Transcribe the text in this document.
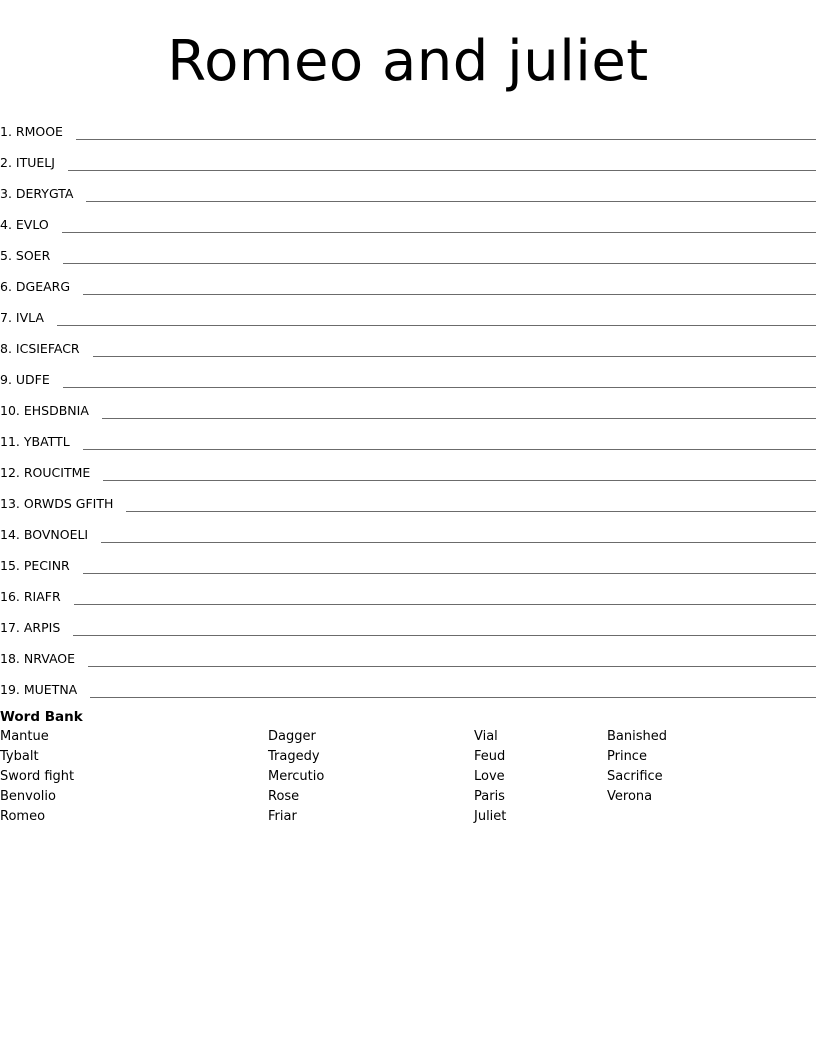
Romeo and juliet
1. RMOOE
2. ITUELJ
3. DERYGTA
4. EVLO
5. SOER
6. DGEARG
7. IVLA
8. ICSIEFACR
9. UDFE
10. EHSDBNIA
11. YBATTL
12. ROUCITME
13. ORWDS GFITH
14. BOVNOELI
15. PECINR
16. RIAFR
17. ARPIS
18. NRVAOE
19. MUETNA
Word Bank
Mantue
Tybalt
Sword fight
Benvolio
Romeo
Dagger
Tragedy
Mercutio
Rose
Friar
Vial
Feud
Love
Paris
Juliet
Banished
Prince
Sacrifice
Verona
